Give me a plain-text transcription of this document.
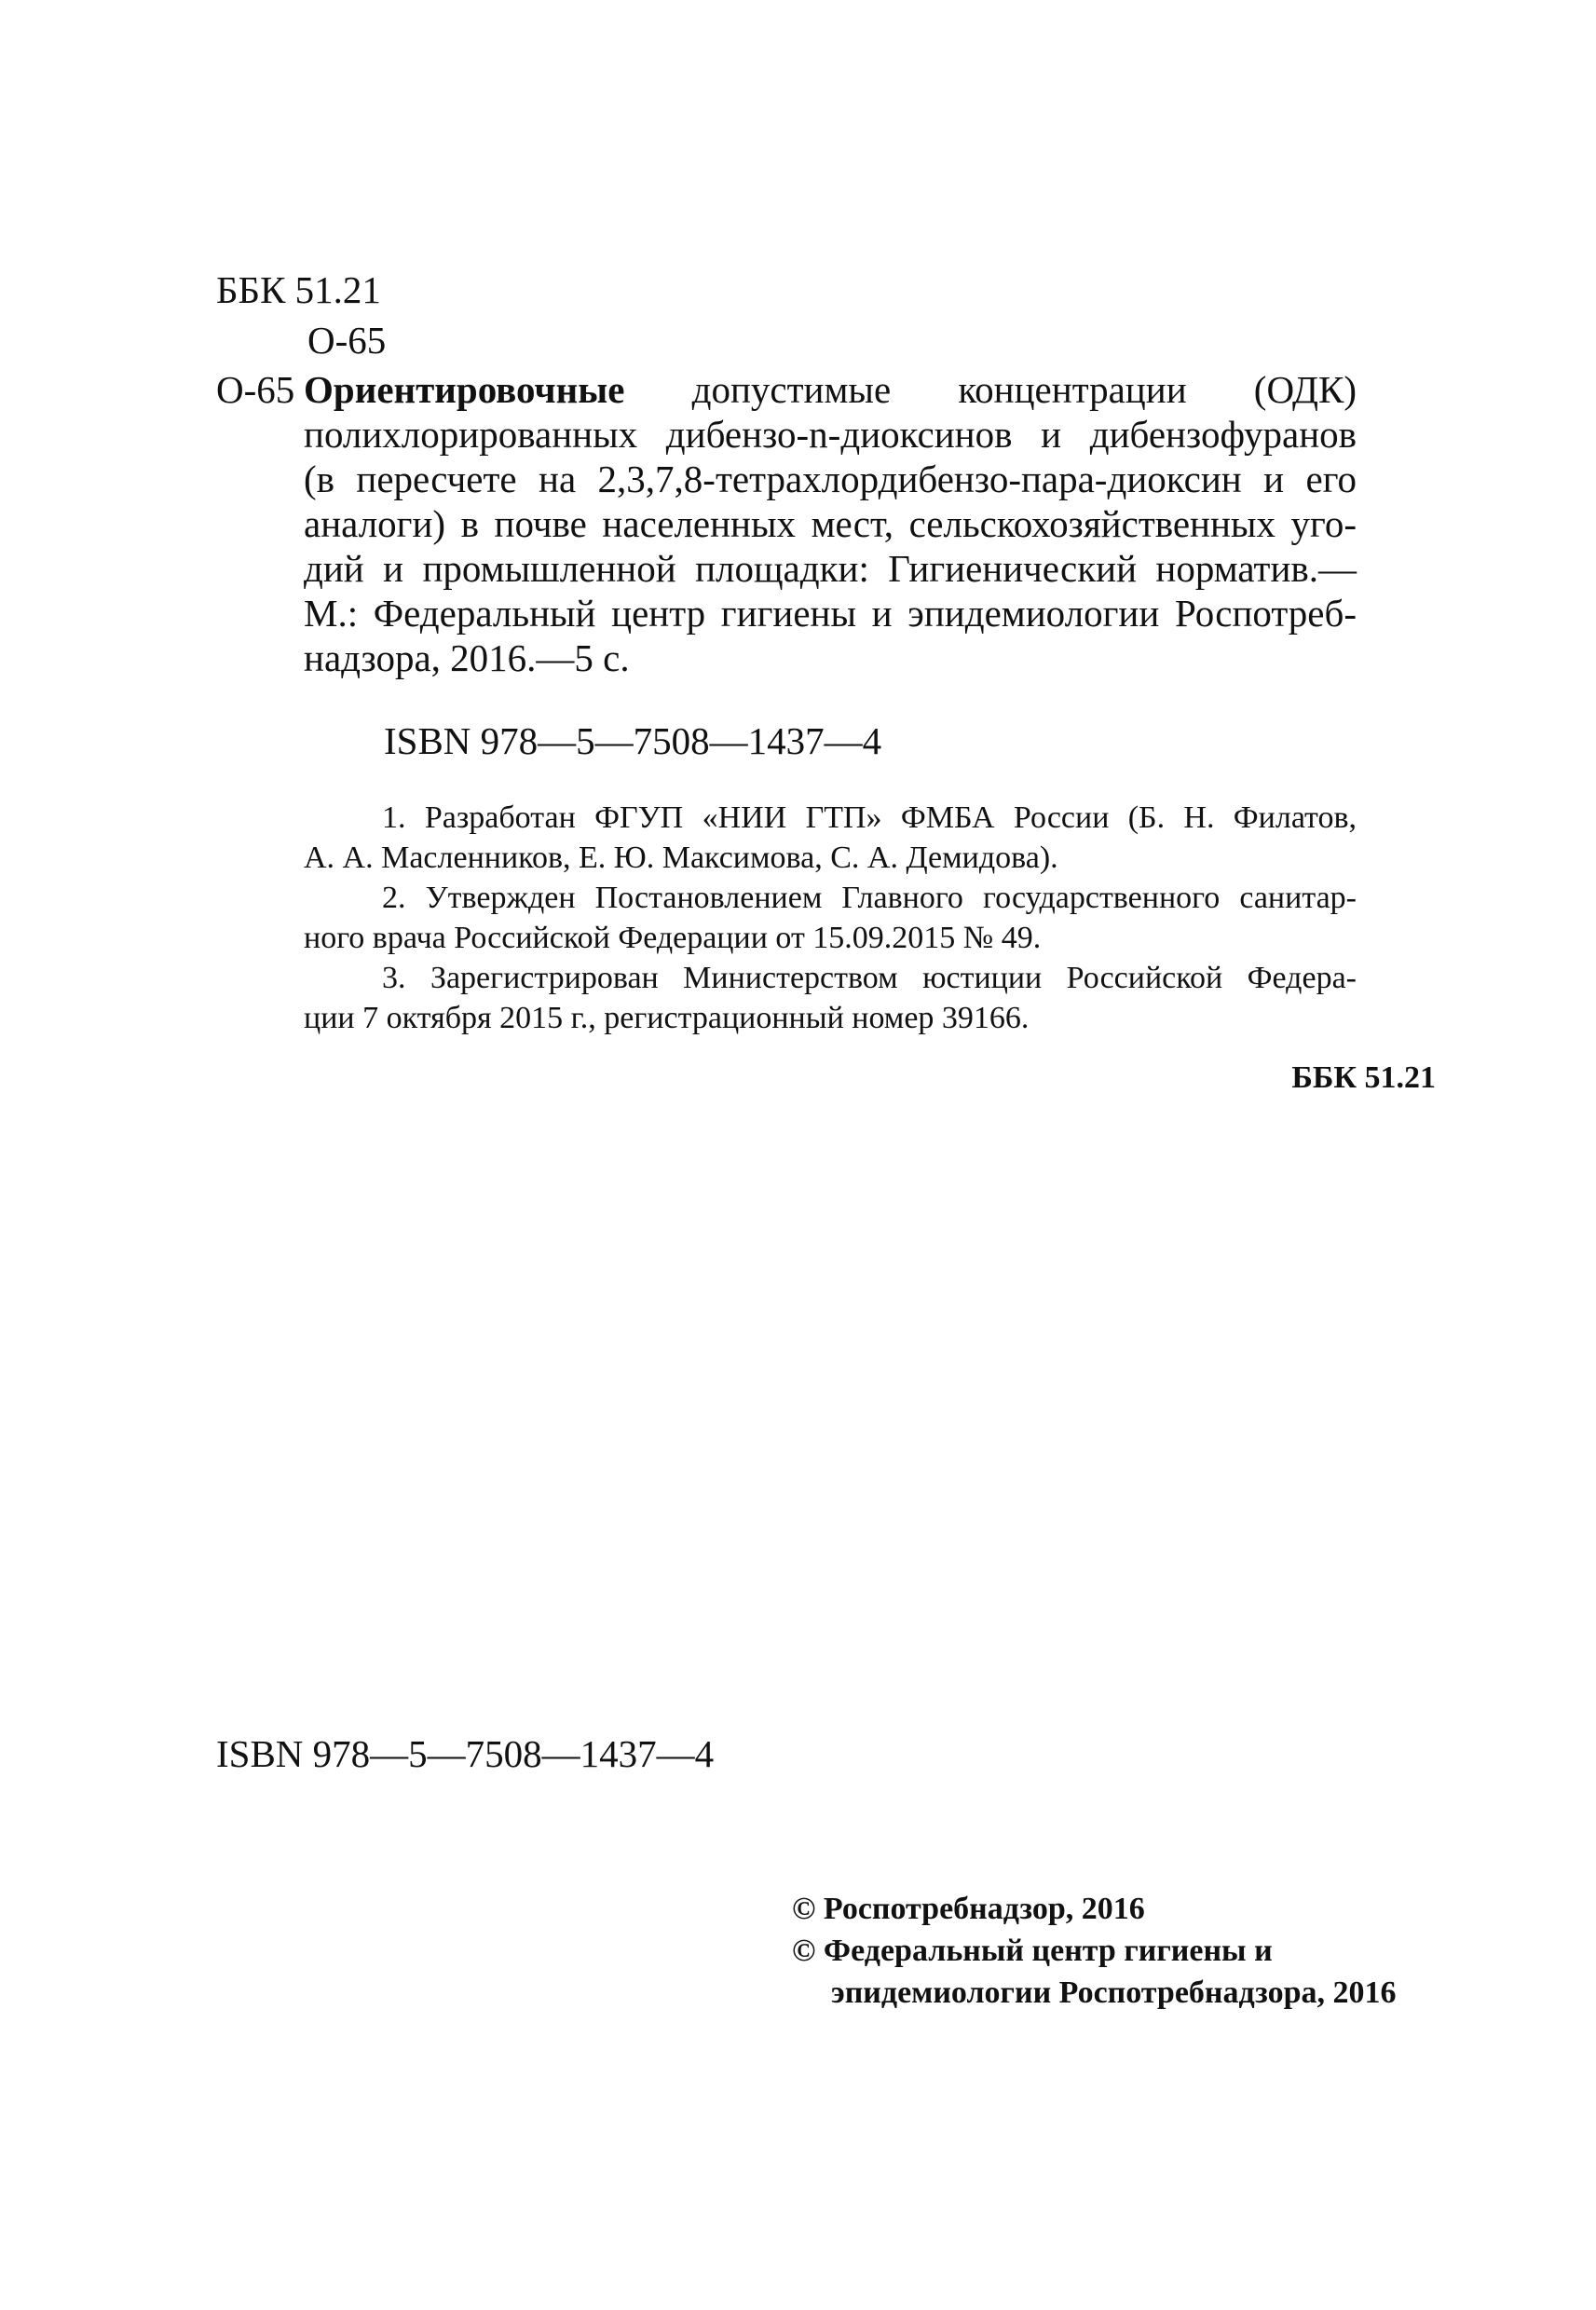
ББК 51.21
О-65
О-65 Ориентировочные допустимые концентрации (ОДК)
полихлорированных дибензо-n-диоксинов и дибензофуранов
(в пересчете на 2,3,7,8-тетрахлордибензо-пара-диоксин и его
аналоги) в почве населенных мест, сельскохозяйственных уго-
дий и промышленной площадки: Гигиенический норматив.—
М.: Федеральный центр гигиены и эпидемиологии Роспотреб-
надзора, 2016.—5 с.
ISBN 978—5—7508—1437—4
1. Разработан ФГУП «НИИ ГТП» ФМБА России (Б. Н. Филатов,
А. А. Масленников, Е. Ю. Максимова, С. А. Демидова).
2. Утвержден Постановлением Главного государственного санитар-
ного врача Российской Федерации от 15.09.2015 № 49.
3. Зарегистрирован Министерством юстиции Российской Федера-
ции 7 октября 2015 г., регистрационный номер 39166.
ББК 51.21
ISBN 978—5—7508—1437—4
© Роспотребнадзор, 2016
© Федеральный центр гигиены и
эпидемиологии Роспотребнадзора, 2016
